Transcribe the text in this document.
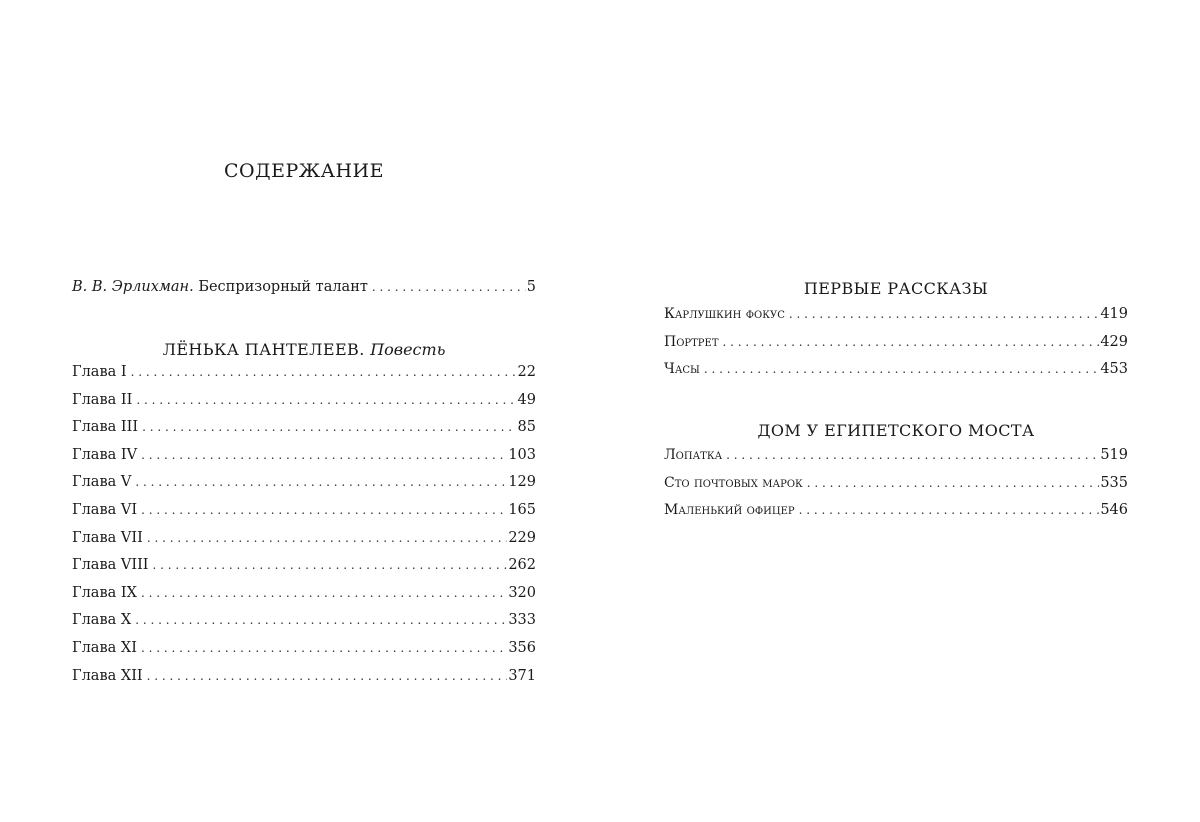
СОДЕРЖАНИЕ
В. В. Эрлихман. Беспризорный талант . . .	5
ЛЁНЬКА ПАНТЕЛЕЕВ. Повесть
Глава I . . .	22
Глава II . . .	49
Глава III . . .	85
Глава IV . . .	103
Глава V . . .	129
Глава VI . . .	165
Глава VII . . .	229
Глава VIII . . .	262
Глава IX . . .	320
Глава X . . .	333
Глава XI . . .	356
Глава XII . . .	371
ПЕРВЫЕ РАССКАЗЫ
Карлушкин фокус . . .	419
Портрет . . .	429
Часы . . .	453
ДОМ У ЕГИПЕТСКОГО МОСТА
Лопатка . . .	519
Сто почтовых марок . . .	535
Маленький офицер . . .	546
